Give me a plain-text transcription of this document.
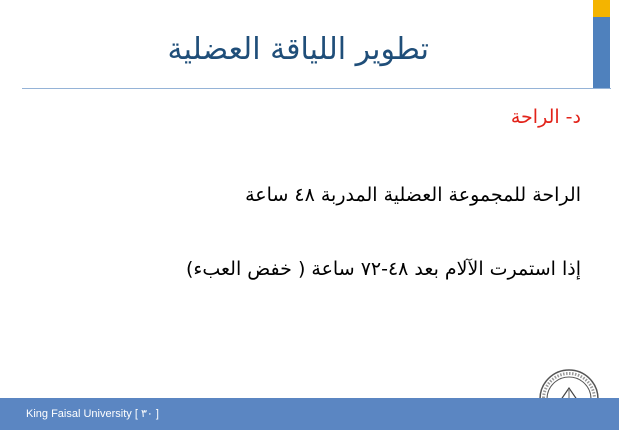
تطوير اللياقة العضلية

د- الراحة

الراحة للمجموعة العضلية المدربة ٤٨ ساعة

إذا استمرت الآلام بعد ٤٨-٧٢ ساعة ( خفض العبء)

King Faisal University [ ٣٠ ]
